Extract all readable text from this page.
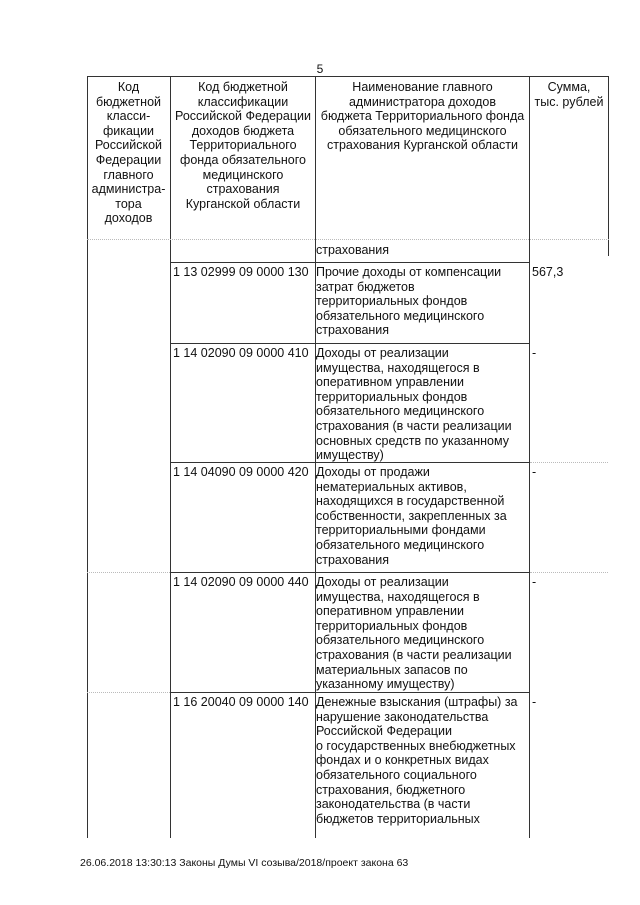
5
Код
бюджетной
класси-
фикации
Российской
Федерации
главного
администра-
тора
доходов
Код бюджетной
классификации
Российской Федерации
доходов бюджета
Территориального
фонда обязательного
медицинского
страхования
Курганской области
Наименование главного
администратора доходов
бюджета Территориального фонда
обязательного медицинского
страхования Курганской области
Сумма,
тыс. рублей
страхования
1 13 02999 09 0000 130 Прочие доходы от компенсации
затрат бюджетов
территориальных фондов
обязательного медицинского
страхования
567,3
1 14 02090 09 0000 410 Доходы от реализации
имущества, находящегося в
оперативном управлении
территориальных фондов
обязательного медицинского
страхования (в части реализации
основных средств по указанному
имуществу)
-
1 14 04090 09 0000 420 Доходы от продажи
нематериальных активов,
находящихся в государственной
собственности, закрепленных за
территориальными фондами
обязательного медицинского
страхования
-
1 14 02090 09 0000 440 Доходы от реализации
имущества, находящегося в
оперативном управлении
территориальных фондов
обязательного медицинского
страхования (в части реализации
материальных запасов по
указанному имуществу)
-
1 16 20040 09 0000 140 Денежные взыскания (штрафы) за
нарушение законодательства
Российской Федерации
о государственных внебюджетных
фондах и о конкретных видах
обязательного социального
страхования, бюджетного
законодательства (в части
бюджетов территориальных
-
26.06.2018 13:30:13 Законы Думы VI созыва/2018/проект закона 63
